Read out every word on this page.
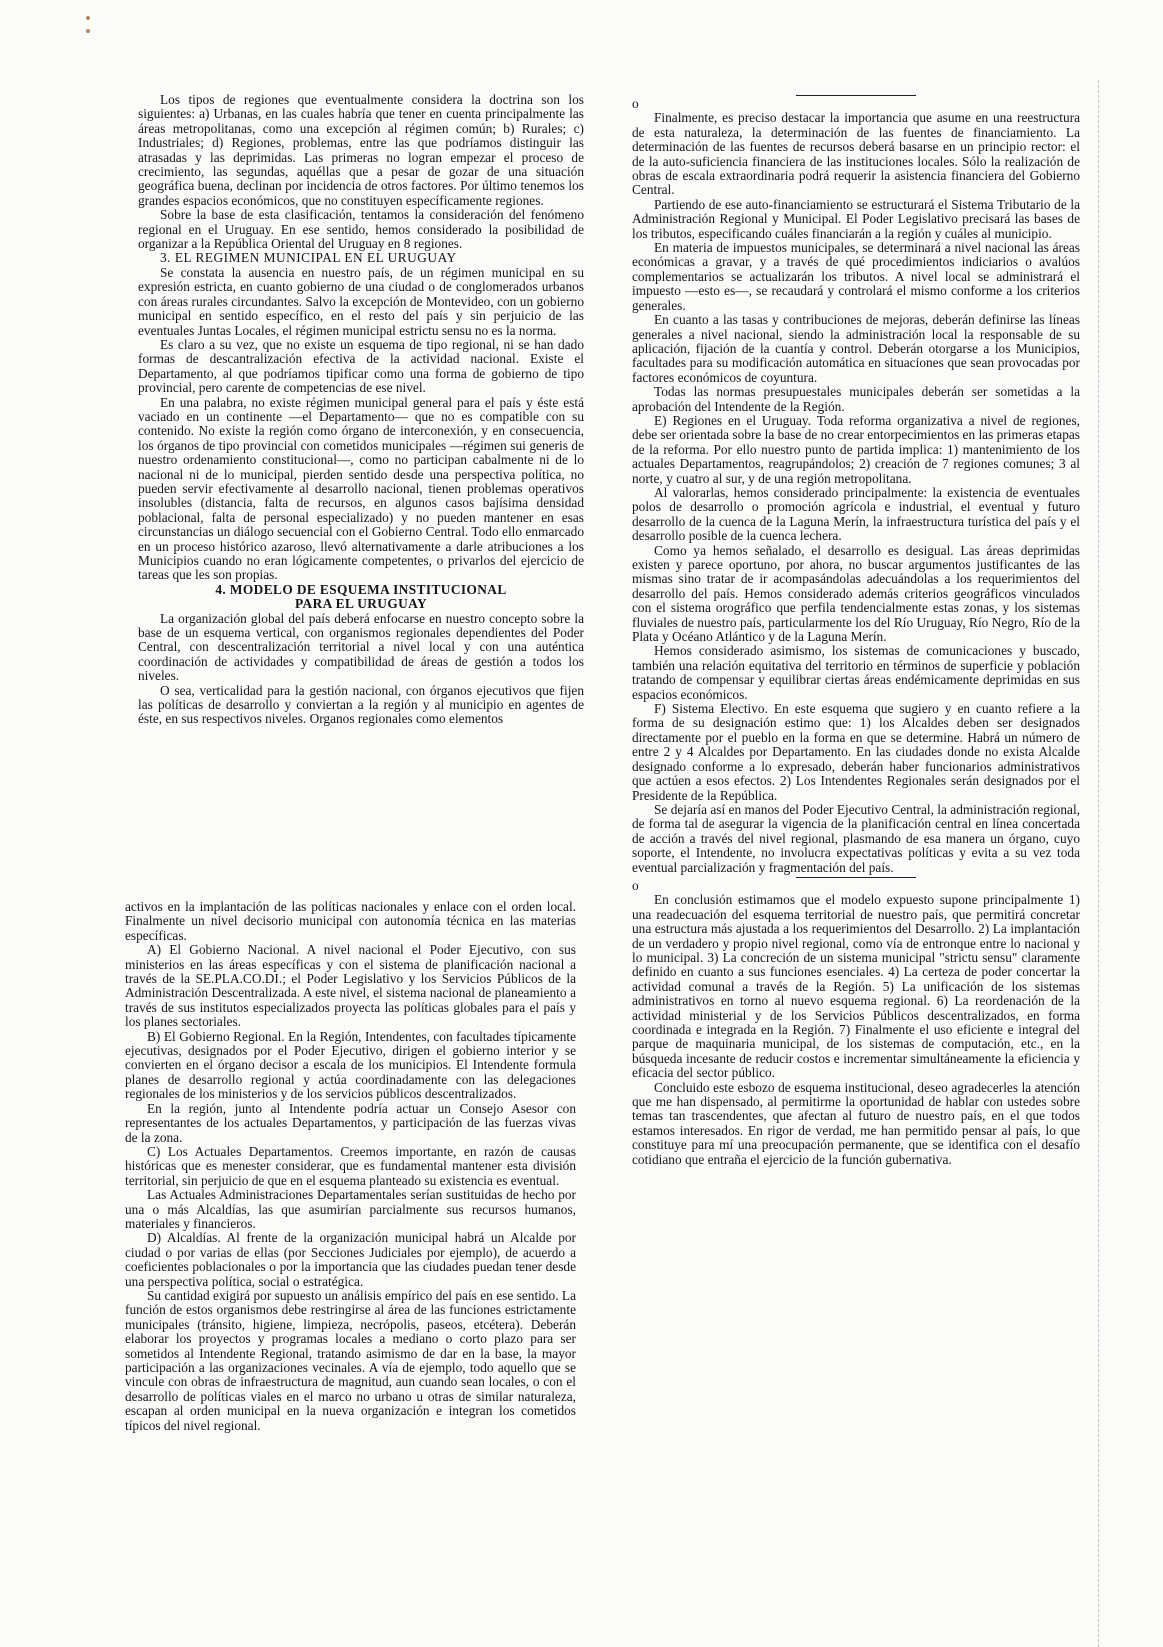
Los tipos de regiones que eventualmente considera la doctrina son los siguientes: a) Urbanas, en las cuales habría que tener en cuenta principalmente las áreas metropolitanas, como una excepción al régimen común; b) Rurales; c) Industriales; d) Regiones, problemas, entre las que podríamos distinguir las atrasadas y las deprimidas. Las primeras no logran empezar el proceso de crecimiento, las segundas, aquéllas que a pesar de gozar de una situación geográfica buena, declinan por incidencia de otros factores. Por último tenemos los grandes espacios económicos, que no constituyen específicamente regiones.

Sobre la base de esta clasificación, tentamos la consideración del fenómeno regional en el Uruguay. En ese sentido, hemos considerado la posibilidad de organizar a la República Oriental del Uruguay en 8 regiones.

3. EL REGIMEN MUNICIPAL EN EL URUGUAY

Se constata la ausencia en nuestro país, de un régimen municipal en su expresión estricta, en cuanto gobierno de una ciudad o de conglomerados urbanos con áreas rurales circundantes. Salvo la excepción de Montevideo, con un gobierno municipal en sentido específico, en el resto del país y sin perjuicio de las eventuales Juntas Locales, el régimen municipal estrictu sensu no es la norma.

Es claro a su vez, que no existe un esquema de tipo regional, ni se han dado formas de descantralización efectiva de la actividad nacional. Existe el Departamento, al que podríamos tipificar como una forma de gobierno de tipo provincial, pero carente de competencias de ese nivel.

En una palabra, no existe régimen municipal general para el país y éste está vaciado en un continente —el Departamento— que no es compatible con su contenido. No existe la región como órgano de interconexión, y en consecuencia, los órganos de tipo provincial con cometidos municipales —régimen sui generis de nuestro ordenamiento constitucional—, como no participan cabalmente ni de lo nacional ni de lo municipal, pierden sentido desde una perspectiva política, no pueden servir efectivamente al desarrollo nacional, tienen problemas operativos insolubles (distancia, falta de recursos, en algunos casos bajísima densidad poblacional, falta de personal especializado) y no pueden mantener en esas circunstancias un diálogo secuencial con el Gobierno Central. Todo ello enmarcado en un proceso histórico azaroso, llevó alternativamente a darle atribuciones a los Municipios cuando no eran lógicamente competentes, o privarlos del ejercicio de tareas que les son propias.

4. MODELO DE ESQUEMA INSTITUCIONAL

PARA EL URUGUAY

La organización global del país deberá enfocarse en nuestro concepto sobre la base de un esquema vertical, con organismos regionales dependientes del Poder Central, con descentralización territorial a nivel local y con una auténtica coordinación de actividades y compatibilidad de áreas de gestión a todos los niveles.

O sea, verticalidad para la gestión nacional, con órganos ejecutivos que fijen las políticas de desarrollo y conviertan a la región y al municipio en agentes de éste, en sus respectivos niveles. Organos regionales como elementos

activos en la implantación de las políticas nacionales y enlace con el orden local. Finalmente un nivel decisorio municipal con autonomía técnica en las materias específicas.

A) El Gobierno Nacional. A nivel nacional el Poder Ejecutivo, con sus ministerios en las áreas específicas y con el sistema de planificación nacional a través de la SE.PLA.CO.DI.; el Poder Legislativo y los Servicios Públicos de la Administración Descentralizada. A este nivel, el sistema nacional de planeamiento a través de sus institutos especializados proyecta las políticas globales para el país y los planes sectoriales.

B) El Gobierno Regional. En la Región, Intendentes, con facultades típicamente ejecutivas, designados por el Poder Ejecutivo, dirigen el gobierno interior y se convierten en el órgano decisor a escala de los municipios. El Intendente formula planes de desarrollo regional y actúa coordinadamente con las delegaciones regionales de los ministerios y de los servicios públicos descentralizados.

En la región, junto al Intendente podría actuar un Consejo Asesor con representantes de los actuales Departamentos, y participación de las fuerzas vivas de la zona.

C) Los Actuales Departamentos. Creemos importante, en razón de causas históricas que es menester considerar, que es fundamental mantener esta división territorial, sin perjuicio de que en el esquema planteado su existencia es eventual.

Las Actuales Administraciones Departamentales serían sustituidas de hecho por una o más Alcaldías, las que asumirían parcialmente sus recursos humanos, materiales y financieros.

D) Alcaldías. Al frente de la organización municipal habrá un Alcalde por ciudad o por varias de ellas (por Secciones Judiciales por ejemplo), de acuerdo a coeficientes poblacionales o por la importancia que las ciudades puedan tener desde una perspectiva política, social o estratégica.

Su cantidad exigirá por supuesto un análisis empírico del país en ese sentido. La función de estos organismos debe restringirse al área de las funciones estrictamente municipales (tránsito, higiene, limpieza, necrópolis, paseos, etcétera). Deberán elaborar los proyectos y programas locales a mediano o corto plazo para ser sometidos al Intendente Regional, tratando asimismo de dar en la base, la mayor participación a las organizaciones vecinales. A vía de ejemplo, todo aquello que se vincule con obras de infraestructura de magnitud, aun cuando sean locales, o con el desarrollo de políticas viales en el marco no urbano u otras de similar naturaleza, escapan al orden municipal en la nueva organización e integran los cometidos típicos del nivel regional.

o

Finalmente, es preciso destacar la importancia que asume en una reestructura de esta naturaleza, la determinación de las fuentes de financiamiento. La determinación de las fuentes de recursos deberá basarse en un principio rector: el de la auto-suficiencia financiera de las instituciones locales. Sólo la realización de obras de escala extraordinaria podrá requerir la asistencia financiera del Gobierno Central.

Partiendo de ese auto-financiamiento se estructurará el Sistema Tributario de la Administración Regional y Municipal. El Poder Legislativo precisará las bases de los tributos, especificando cuáles financiarán a la región y cuáles al municipio.

En materia de impuestos municipales, se determinará a nivel nacional las áreas económicas a gravar, y a través de qué procedimientos indiciarios o avalúos complementarios se actualizarán los tributos. A nivel local se administrará el impuesto —esto es—, se recaudará y controlará el mismo conforme a los criterios generales.

En cuanto a las tasas y contribuciones de mejoras, deberán definirse las líneas generales a nivel nacional, siendo la administración local la responsable de su aplicación, fijación de la cuantía y control. Deberán otorgarse a los Municipios, facultades para su modificación automática en situaciones que sean provocadas por factores económicos de coyuntura.

Todas las normas presupuestales municipales deberán ser sometidas a la aprobación del Intendente de la Región.

E) Regiones en el Uruguay. Toda reforma organizativa a nivel de regiones, debe ser orientada sobre la base de no crear entorpecimientos en las primeras etapas de la reforma. Por ello nuestro punto de partida implica: 1) mantenimiento de los actuales Departamentos, reagrupándolos; 2) creación de 7 regiones comunes; 3 al norte, y cuatro al sur, y de una región metropolitana.

Al valorarlas, hemos considerado principalmente: la existencia de eventuales polos de desarrollo o promoción agrícola e industrial, el eventual y futuro desarrollo de la cuenca de la Laguna Merín, la infraestructura turística del país y el desarrollo posible de la cuenca lechera.

Como ya hemos señalado, el desarrollo es desigual. Las áreas deprimidas existen y parece oportuno, por ahora, no buscar argumentos justificantes de las mismas sino tratar de ir acompasándolas adecuándolas a los requerimientos del desarrollo del país. Hemos considerado además criterios geográficos vinculados con el sistema orográfico que perfila tendencialmente estas zonas, y los sistemas fluviales de nuestro país, particularmente los del Río Uruguay, Río Negro, Río de la Plata y Océano Atlántico y de la Laguna Merín.

Hemos considerado asimismo, los sistemas de comunicaciones y buscado, también una relación equitativa del territorio en términos de superficie y población tratando de compensar y equilibrar ciertas áreas endémicamente deprimidas en sus espacios económicos.

F) Sistema Electivo. En este esquema que sugiero y en cuanto refiere a la forma de su designación estimo que: 1) los Alcaldes deben ser designados directamente por el pueblo en la forma en que se determine. Habrá un número de entre 2 y 4 Alcaldes por Departamento. En las ciudades donde no exista Alcalde designado conforme a lo expresado, deberán haber funcionarios administrativos que actúen a esos efectos. 2) Los Intendentes Regionales serán designados por el Presidente de la República.

Se dejaría así en manos del Poder Ejecutivo Central, la administración regional, de forma tal de asegurar la vigencia de la planificación central en línea concertada de acción a través del nivel regional, plasmando de esa manera un órgano, cuyo soporte, el Intendente, no involucra expectativas políticas y evita a su vez toda eventual parcialización y fragmentación del país.

o

En conclusión estimamos que el modelo expuesto supone principalmente 1) una readecuación del esquema territorial de nuestro país, que permitirá concretar una estructura más ajustada a los requerimientos del Desarrollo. 2) La implantación de un verdadero y propio nivel regional, como vía de entronque entre lo nacional y lo municipal. 3) La concreción de un sistema municipal "strictu sensu" claramente definido en cuanto a sus funciones esenciales. 4) La certeza de poder concertar la actividad comunal a través de la Región. 5) La unificación de los sistemas administrativos en torno al nuevo esquema regional. 6) La reordenación de la actividad ministerial y de los Servicios Públicos descentralizados, en forma coordinada e integrada en la Región. 7) Finalmente el uso eficiente e integral del parque de maquinaria municipal, de los sistemas de computación, etc., en la búsqueda incesante de reducir costos e incrementar simultáneamente la eficiencia y eficacia del sector público.

Concluido este esbozo de esquema institucional, deseo agradecerles la atención que me han dispensado, al permitirme la oportunidad de hablar con ustedes sobre temas tan trascendentes, que afectan al futuro de nuestro país, en el que todos estamos interesados. En rigor de verdad, me han permitido pensar al país, lo que constituye para mí una preocupación permanente, que se identifica con el desafío cotidiano que entraña el ejercicio de la función gubernativa.
